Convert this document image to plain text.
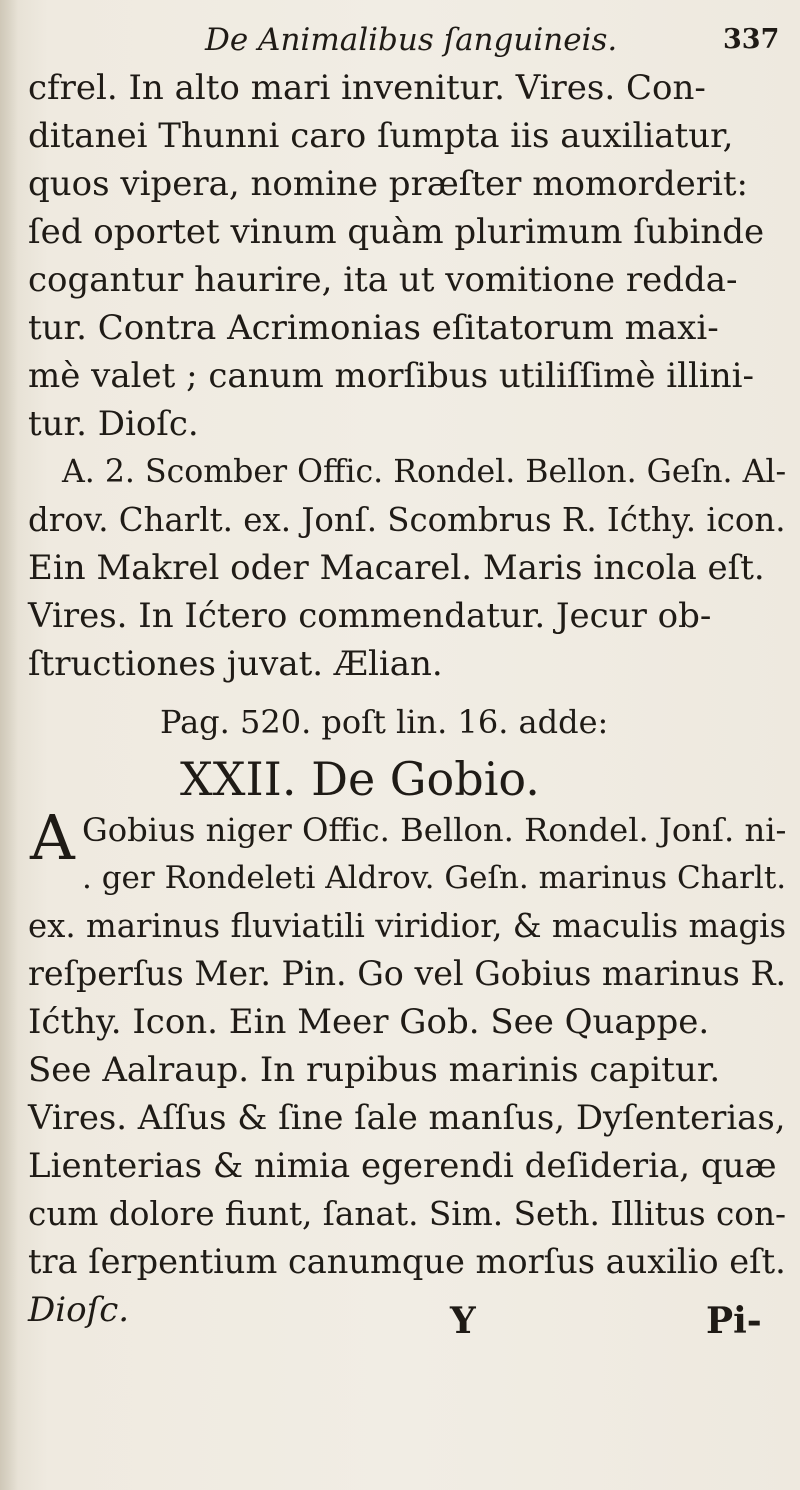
De Animalibus ſanguineis.	337
cfrel. In alto mari invenitur. Vires. Con-
ditanei Thunni caro ſumpta iis auxiliatur,
quos vipera, nomine præſter momorderit:
ſed oportet vinum quàm plurimum ſubinde
cogantur haurire, ita ut vomitione redda-
tur. Contra Acrimonias eſitatorum maxi-
mè valet ; canum morſibus utiliſſimè illini-
tur. Dioſc.
A. 2. Scomber Offic. Rondel. Bellon. Geſn. Al-
drov. Charlt. ex. Jonſ. Scombrus R. Ićthy. icon.
Ein Makrel oder Macarel. Maris incola eſt.
Vires. In Ićtero commendatur. Jecur ob-
ſtructiones juvat. Ælian.
Pag. 520. poſt lin. 16. adde:
XXII. De Gobio.
A Gobius niger Offic. Bellon. Rondel. Jonſ. ni-
. ger Rondeleti Aldrov. Geſn. marinus Charlt.
ex. marinus fluviatili viridior, & maculis magis
reſperſus Mer. Pin. Go vel Gobius marinus R.
Ićthy. Icon. Ein Meer Gob. See Quappe.
See Aalraup. In rupibus marinis capitur.
Vires. Aſſus & ſine ſale manſus, Dyſenterias,
Lienterias & nimia egerendi deſideria, quæ
cum dolore fiunt, ſanat. Sim. Seth. Illitus con-
tra ſerpentium canumque morſus auxilio eſt.
Dioſc.	Y	Pi-
